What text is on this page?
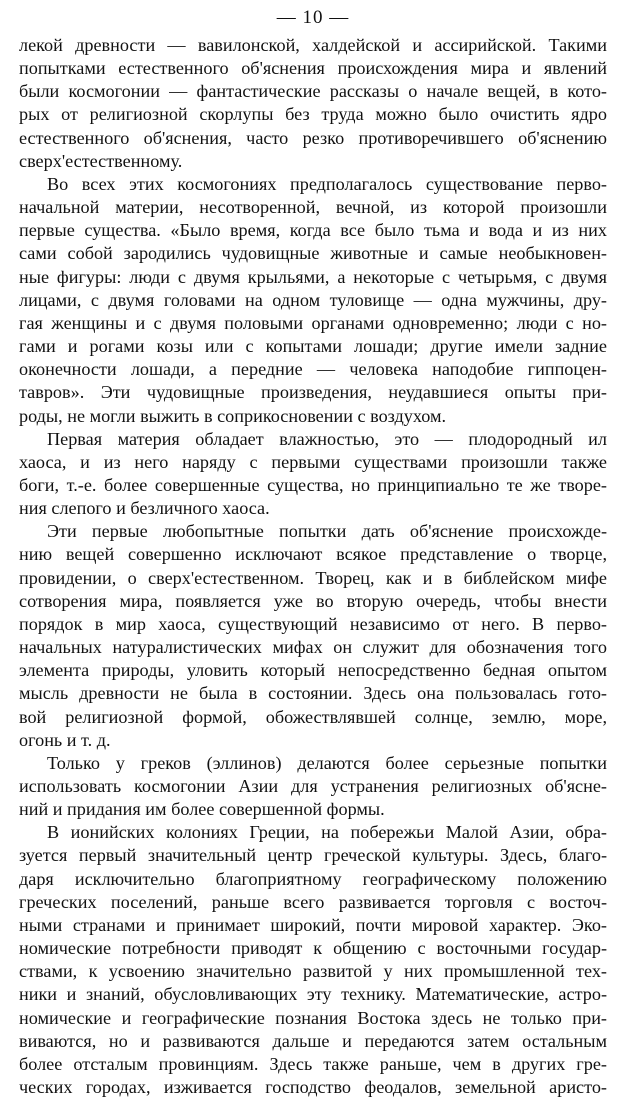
— 10 —
лекой древности — вавилонской, халдейской и ассирийской. Такими
попытками естественного об'яснения происхождения мира и явлений
были космогонии — фантастические рассказы о начале вещей, в кото-
рых от религиозной скорлупы без труда можно было очистить ядро
естественного об'яснения, часто резко противоречившего об'яснению
сверх'естественному.
Во всех этих космогониях предполагалось существование перво-
начальной материи, несотворенной, вечной, из которой произошли
первые существа. «Было время, когда все было тьма и вода и из них
сами собой зародились чудовищные животные и самые необыкновен-
ные фигуры: люди с двумя крыльями, а некоторые с четырьмя, с двумя
лицами, с двумя головами на одном туловище — одна мужчины, дру-
гая женщины и с двумя половыми органами одновременно; люди с но-
гами и рогами козы или с копытами лошади; другие имели задние
оконечности лошади, а передние — человека наподобие гиппоцен-
тавров». Эти чудовищные произведения, неудавшиеся опыты при-
роды, не могли выжить в соприкосновении с воздухом.
Первая материя обладает влажностью, это — плодородный ил
хаоса, и из него наряду с первыми существами произошли также
боги, т.-е. более совершенные существа, но принципиально те же творе-
ния слепого и безличного хаоса.
Эти первые любопытные попытки дать об'яснение происхожде-
нию вещей совершенно исключают всякое представление о творце,
провидении, о сверх'естественном. Творец, как и в библейском мифе
сотворения мира, появляется уже во вторую очередь, чтобы внести
порядок в мир хаоса, существующий независимо от него. В перво-
начальных натуралистических мифах он служит для обозначения того
элемента природы, уловить который непосредственно бедная опытом
мысль древности не была в состоянии. Здесь она пользовалась гото-
вой религиозной формой, обожествлявшей солнце, землю, море,
огонь и т. д.
Только у греков (эллинов) делаются более серьезные попытки
использовать космогонии Азии для устранения религиозных об'ясне-
ний и придания им более совершенной формы.
В ионийских колониях Греции, на побережьи Малой Азии, обра-
зуется первый значительный центр греческой культуры. Здесь, благо-
даря исключительно благоприятному географическому положению
греческих поселений, раньше всего развивается торговля с восточ-
ными странами и принимает широкий, почти мировой характер. Эко-
номические потребности приводят к общению с восточными государ-
ствами, к усвоению значительно развитой у них промышленной тех-
ники и знаний, обусловливающих эту технику. Математические, астро-
номические и географические познания Востока здесь не только при-
виваются, но и развиваются дальше и передаются затем остальным
более отсталым провинциям. Здесь также раньше, чем в других гре-
ческих городах, изживается господство феодалов, земельной аристо-
